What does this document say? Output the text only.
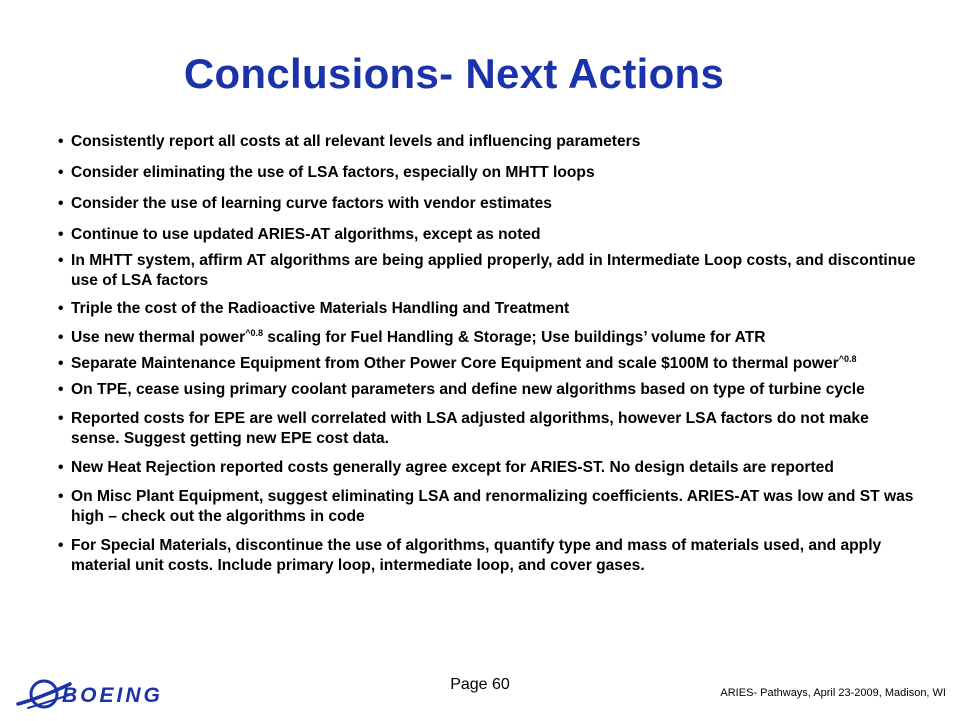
Conclusions- Next Actions
• Consistently report all costs at all relevant levels and influencing parameters
• Consider eliminating the use of LSA factors, especially on MHTT loops
• Consider the use of learning curve factors with vendor estimates
• Continue to use updated ARIES-AT algorithms, except as noted
• In MHTT system, affirm AT algorithms are being applied properly, add in Intermediate Loop costs, and discontinue use of LSA factors
• Triple the cost of the Radioactive Materials Handling and Treatment
• Use new thermal power$^{\^{}0.8}$ scaling for Fuel Handling & Storage; Use buildings’ volume for ATR
• Separate Maintenance Equipment from Other Power Core Equipment and scale $100M to thermal power$^{\^{}0.8}$
• On TPE, cease using primary coolant parameters and define new algorithms based on type of turbine cycle
• Reported costs for EPE are well correlated with LSA adjusted algorithms, however LSA factors do not make sense. Suggest getting new EPE cost data.
• New Heat Rejection reported costs generally agree except for ARIES-ST. No design details are reported
• On Misc Plant Equipment, suggest eliminating LSA and renormalizing coefficients. ARIES-AT was low and ST was high – check out the algorithms in code
• For Special Materials, discontinue the use of algorithms, quantify type and mass of materials used, and apply material unit costs. Include primary loop, intermediate loop, and cover gases.
BOEING	Page 60	ARIES- Pathways, April 23-2009, Madison, WI
